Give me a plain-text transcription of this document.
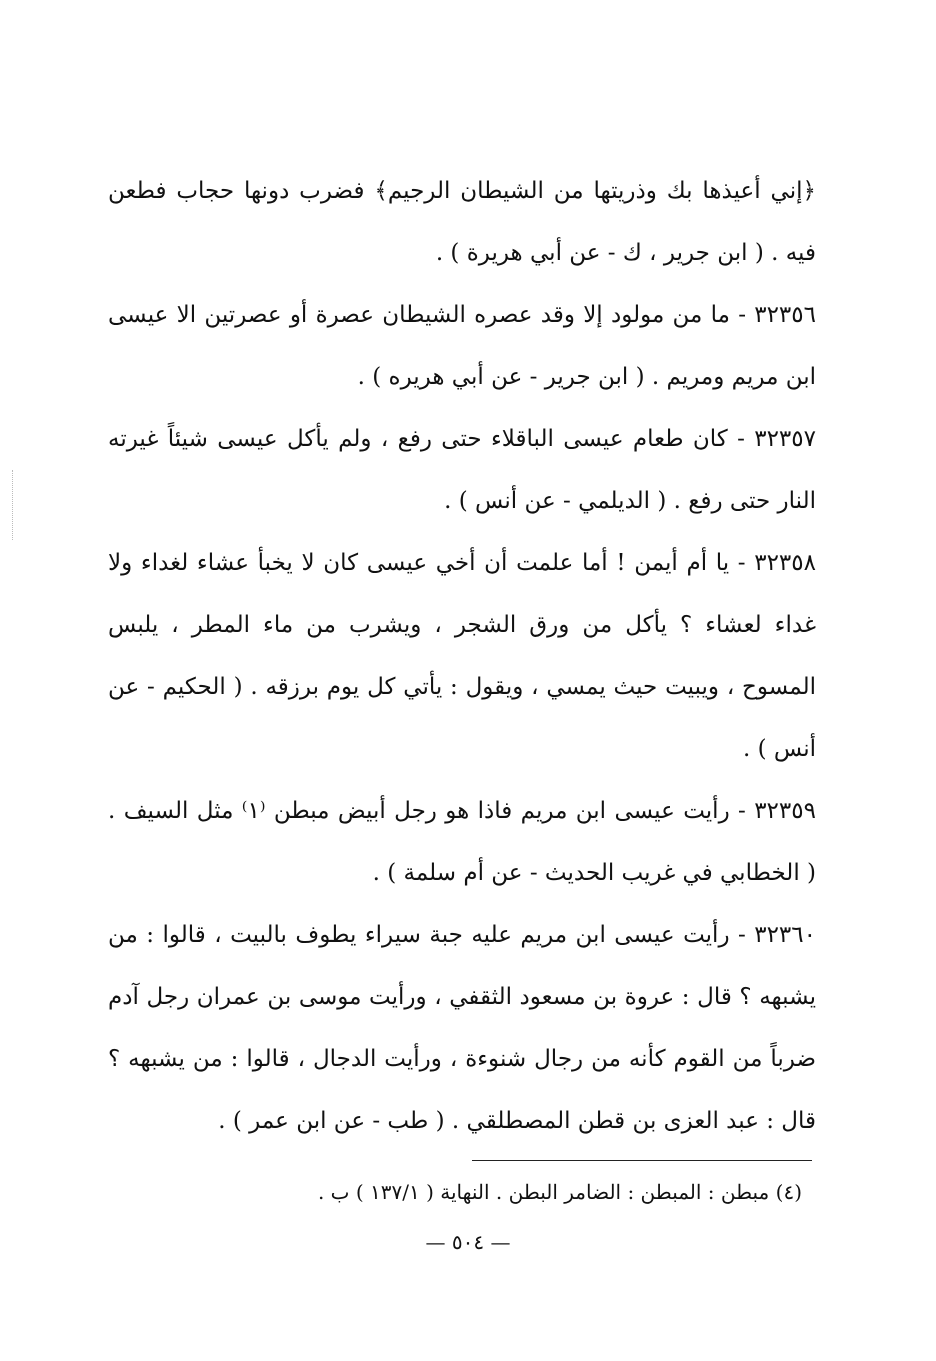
﴿إني أعيذها بك وذريتها من الشيطان الرجيم﴾ فضرب دونها حجاب فطعن فيه . ( ابن جرير ، ك - عن أبي هريرة ) .

٣٢٣٥٦ - ما من مولود إلا وقد عصره الشيطان عصرة أو عصرتين الا عيسى ابن مريم ومريم . ( ابن جرير - عن أبي هريره ) .

٣٢٣٥٧ - كان طعام عيسى الباقلاء حتى رفع ، ولم يأكل عيسى شيئاً غيرته النار حتى رفع . ( الديلمي - عن أنس ) .

٣٢٣٥٨ - يا أم أيمن ! أما علمت أن أخي عيسى كان لا يخبأ عشاء لغداء ولا غداء لعشاء ؟ يأكل من ورق الشجر ، ويشرب من ماء المطر ، يلبس المسوح ، ويبيت حيث يمسي ، ويقول : يأتي كل يوم برزقه . ( الحكيم - عن أنس ) .

٣٢٣٥٩ - رأيت عيسى ابن مريم فاذا هو رجل أبيض مبطن ⁽١⁾ مثل السيف . ( الخطابي في غريب الحديث - عن أم سلمة ) .

٣٢٣٦٠ - رأيت عيسى ابن مريم عليه جبة سيراء يطوف بالبيت ، قالوا : من يشبهه ؟ قال : عروة بن مسعود الثقفي ، ورأيت موسى بن عمران رجل آدم ضرباً من القوم كأنه من رجال شنوءة ، ورأيت الدجال ، قالوا : من يشبهه ؟ قال : عبد العزى بن قطن المصطلقي . ( طب - عن ابن عمر ) .

(٤) مبطن : المبطن : الضامر البطن . النهاية ( ١٣٧/١ ) ب .
— ٥٠٤ —
